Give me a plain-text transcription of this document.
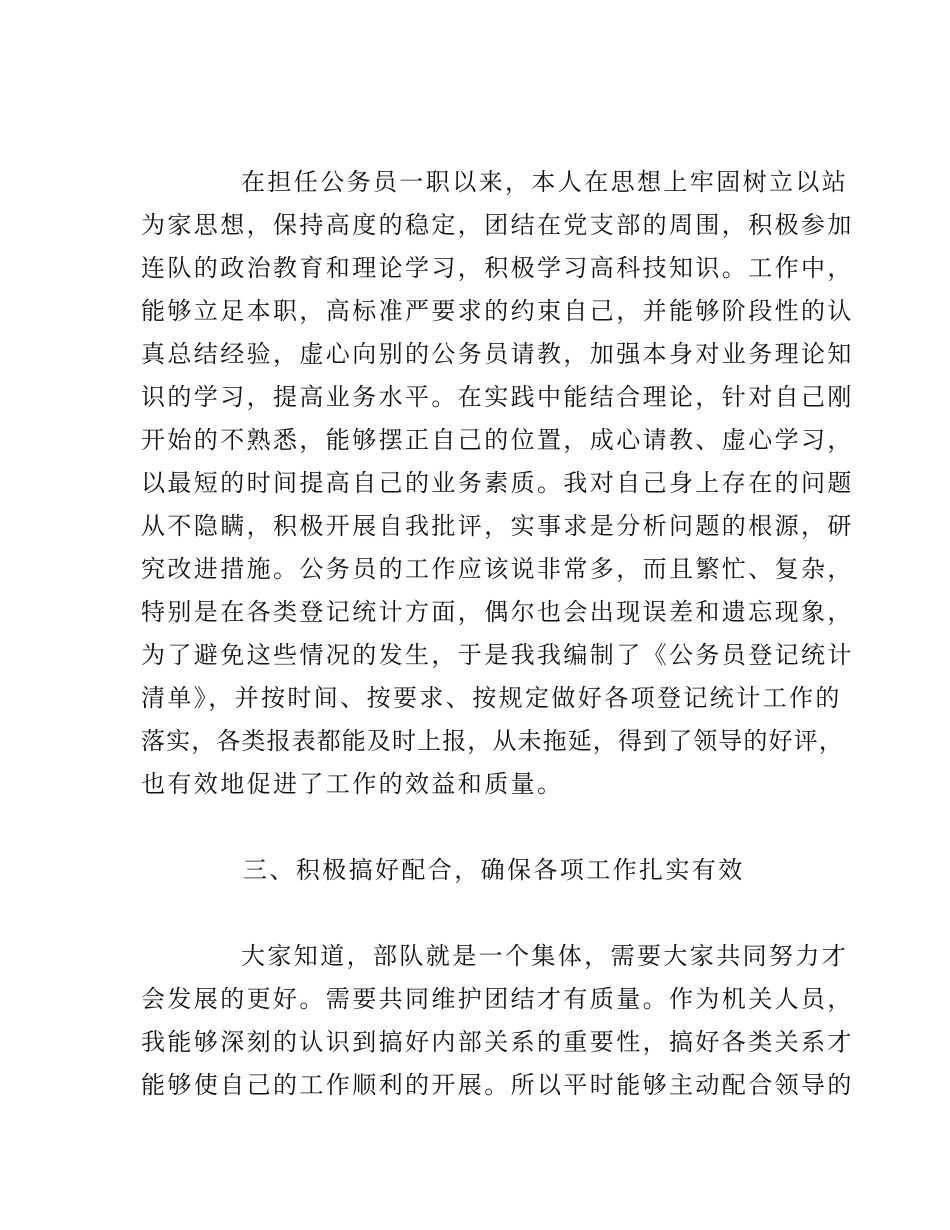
在担任公务员一职以来，本人在思想上牢固树立以站

为家思想，保持高度的稳定，团结在党支部的周围，积极参加

连队的政治教育和理论学习，积极学习高科技知识。工作中，

能够立足本职，高标准严要求的约束自己，并能够阶段性的认

真总结经验，虚心向别的公务员请教，加强本身对业务理论知

识的学习，提高业务水平。在实践中能结合理论，针对自己刚

开始的不熟悉，能够摆正自己的位置，成心请教、虚心学习，

以最短的时间提高自己的业务素质。我对自己身上存在的问题

从不隐瞒，积极开展自我批评，实事求是分析问题的根源，研

究改进措施。公务员的工作应该说非常多，而且繁忙、复杂，

特别是在各类登记统计方面，偶尔也会出现误差和遗忘现象，

为了避免这些情况的发生，于是我我编制了《公务员登记统计

清单》，并按时间、按要求、按规定做好各项登记统计工作的

落实，各类报表都能及时上报，从未拖延，得到了领导的好评，

也有效地促进了工作的效益和质量。

三、积极搞好配合，确保各项工作扎实有效

大家知道，部队就是一个集体，需要大家共同努力才

会发展的更好。需要共同维护团结才有质量。作为机关人员，

我能够深刻的认识到搞好内部关系的重要性，搞好各类关系才

能够使自己的工作顺利的开展。所以平时能够主动配合领导的
